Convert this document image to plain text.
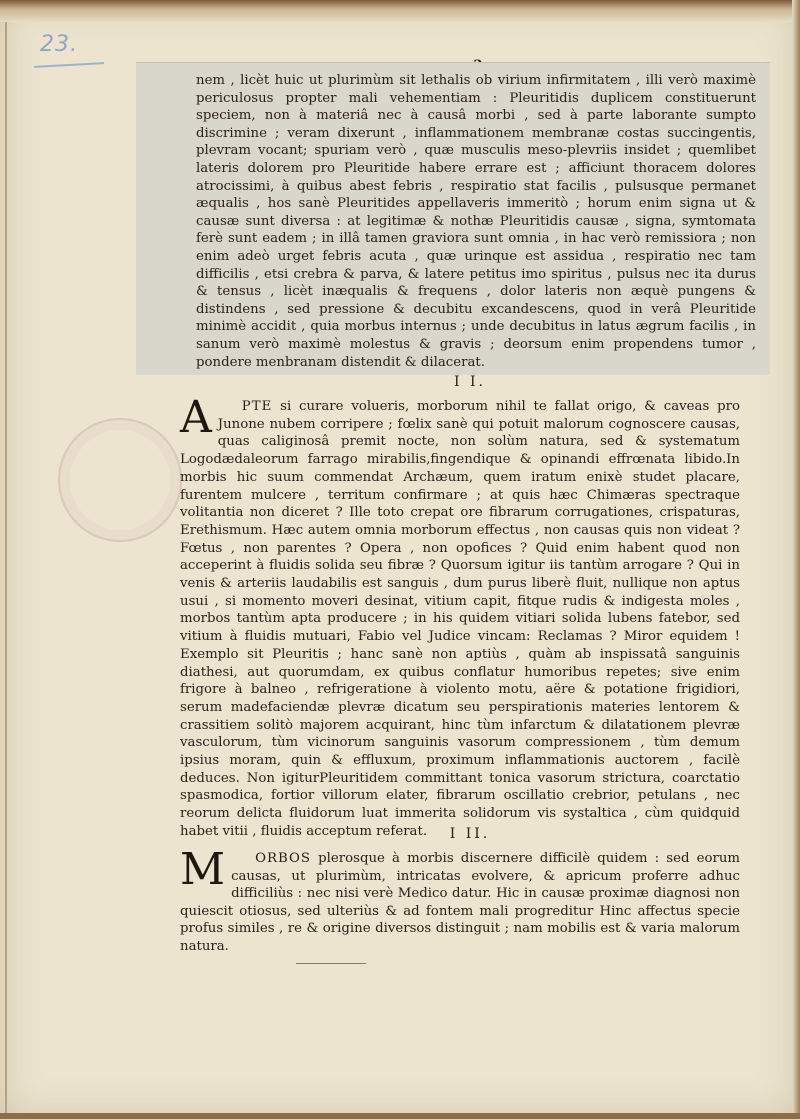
23.

nem , licèt huic ut plurimùm sit lethalis ob virium infirmitatem , illi verò maximè periculosus propter mali vehementiam : Pleuritidis duplicem constituerunt speciem, non à materiâ nec à causâ morbi , sed à parte laborante sumpto discrimine ; veram dixerunt , inflammationem membranæ costas succingentis, plevram vocant; spuriam verò , quæ musculis meso-plevriis insidet ; quemlibet lateris dolorem pro Pleuritide habere errare est ; afficiunt thoracem dolores atrocissimi, à quibus abest febris , respiratio stat facilis , pulsusque permanet æqualis , hos sanè Pleuritides appellaveris immeritò ; horum enim signa ut & causæ sunt diversa : at legitimæ & nothæ Pleuritidis causæ , signa, symtomata ferè sunt eadem ; in illâ tamen graviora sunt omnia , in hac verò remissiora ; non enim adeò urget febris acuta , quæ urinque est assidua , respiratio nec tam difficilis , etsi crebra & parva, & latere petitus imo spiritus , pulsus nec ita durus & tensus , licèt inæqualis & frequens , dolor lateris non æquè pungens & distindens , sed pressione & decubitu excandescens, quod in verâ Pleuritide minimè accidit , quia morbus internus ; unde decubitus in latus ægrum facilis , in sanum verò maximè molestus & gravis ; deorsum enim propendens tumor , pondere menbranam distendit & dilacerat.

I I.

A PTE si curare volueris, morborum nihil te fallat origo, & caveas pro Junone nubem corripere ; fœlix sanè qui potuit malorum cognoscere causas, quas caliginosâ premit nocte, non solùm natura, sed & systematum Logodædaleorum farrago mirabilis,fingendique & opinandi effrœnata libido.In morbis hic suum commendat Archæum, quem iratum enixè studet placare, furentem mulcere , territum confirmare ; at quis hæc Chimæras spectraque volitantia non diceret ? Ille toto crepat ore fibrarum corrugationes, crispaturas, Erethismum. Hæc autem omnia morborum effectus , non causas quis non videat ? Fœtus , non parentes ? Opera , non opofices ? Quid enim habent quod non acceperint à fluidis solida seu fibræ ? Quorsum igitur iis tantùm arrogare ? Qui in venis & arteriis laudabilis est sanguis , dum purus liberè fluit, nullique non aptus usui , si momento moveri desinat, vitium capit, fitque rudis & indigesta moles , morbos tantùm apta producere ; in his quidem vitiari solida lubens fatebor, sed vitium à fluidis mutuari, Fabio vel Judice vincam: Reclamas ? Miror equidem ! Exemplo sit Pleuritis ; hanc sanè non aptiùs , quàm ab inspissatâ sanguinis diathesi, aut quorumdam, ex quibus conflatur humoribus repetes; sive enim frigore à balneo , refrigeratione à violento motu, aëre & potatione frigidiori, serum madefaciendæ plevræ dicatum seu perspirationis materies lentorem & crassitiem solitò majorem acquirant, hinc tùm infarctum & dilatationem plevræ vasculorum, tùm vicinorum sanguinis vasorum compressionem , tùm demum ipsius moram, quin & effluxum, proximum inflammationis auctorem , facilè deduces. Non igiturPleuritidem committant tonica vasorum strictura, coarctatio spasmodica, fortior villorum elater, fibrarum oscillatio crebrior, petulans , nec reorum delicta fluidorum luat immerita solidorum vis systaltica , cùm quidquid habet vitii , fluidis acceptum referat.	I II.

M ORBOS plerosque à morbis discernere difficilè quidem : sed eorum causas, ut plurimùm, intricatas evolvere, & apricum proferre adhuc difficiliùs : nec nisi verè Medico datur. Hic in causæ proximæ diagnosi non quiescit otiosus, sed ulteriùs & ad fontem mali progreditur Hinc affectus specie profus similes , re & origine diversos distinguit ; nam mobilis est & varia malorum natura.
